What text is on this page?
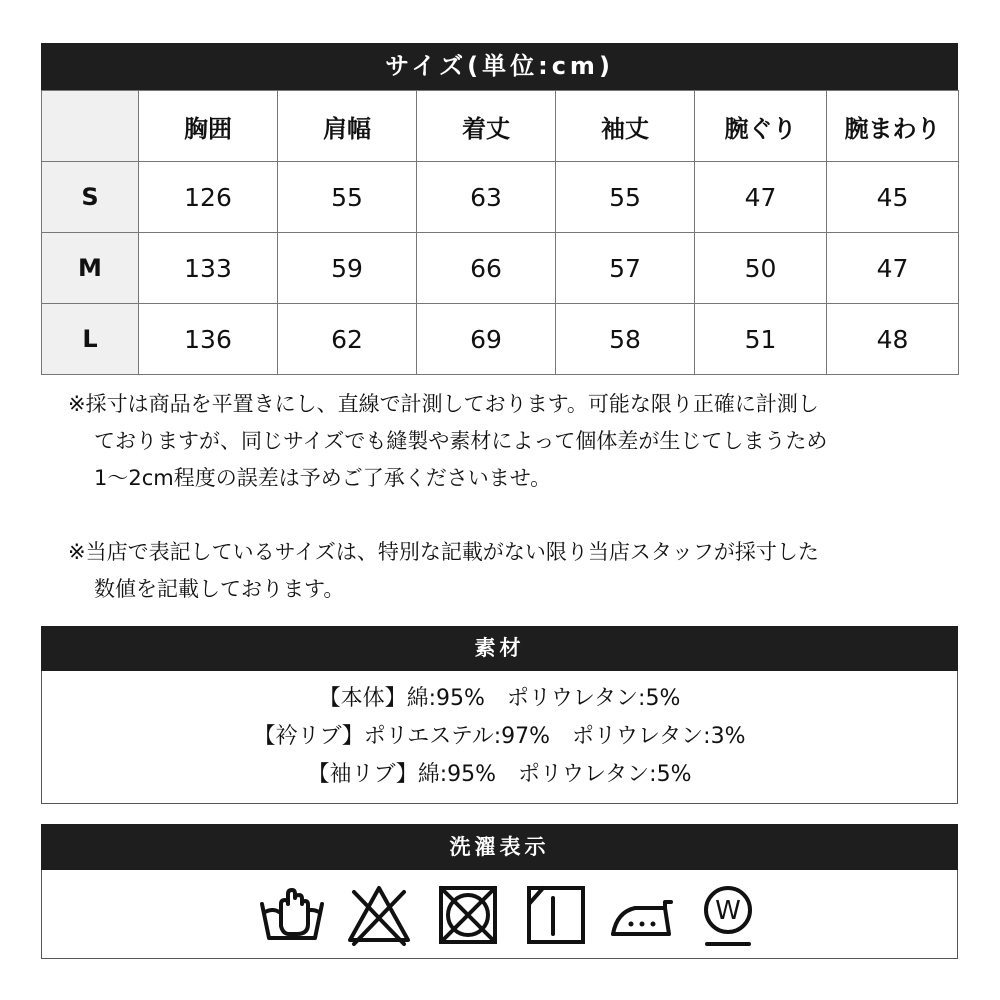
サイズ(単位:cm)
	胸囲	肩幅	着丈	袖丈	腕ぐり	腕まわり
S	126	55	63	55	47	45
M	133	59	66	57	50	47
L	136	62	69	58	51	48
※採寸は商品を平置きにし、直線で計測しております。可能な限り正確に計測し
ておりますが、同じサイズでも縫製や素材によって個体差が生じてしまうため
1〜2cm程度の誤差は予めご了承くださいませ。
※当店で表記しているサイズは、特別な記載がない限り当店スタッフが採寸した
数値を記載しております。
素材
【本体】綿:95%　ポリウレタン:5%
【衿リブ】ポリエステル:97%　ポリウレタン:3%
【袖リブ】綿:95%　ポリウレタン:5%
洗濯表示
W
